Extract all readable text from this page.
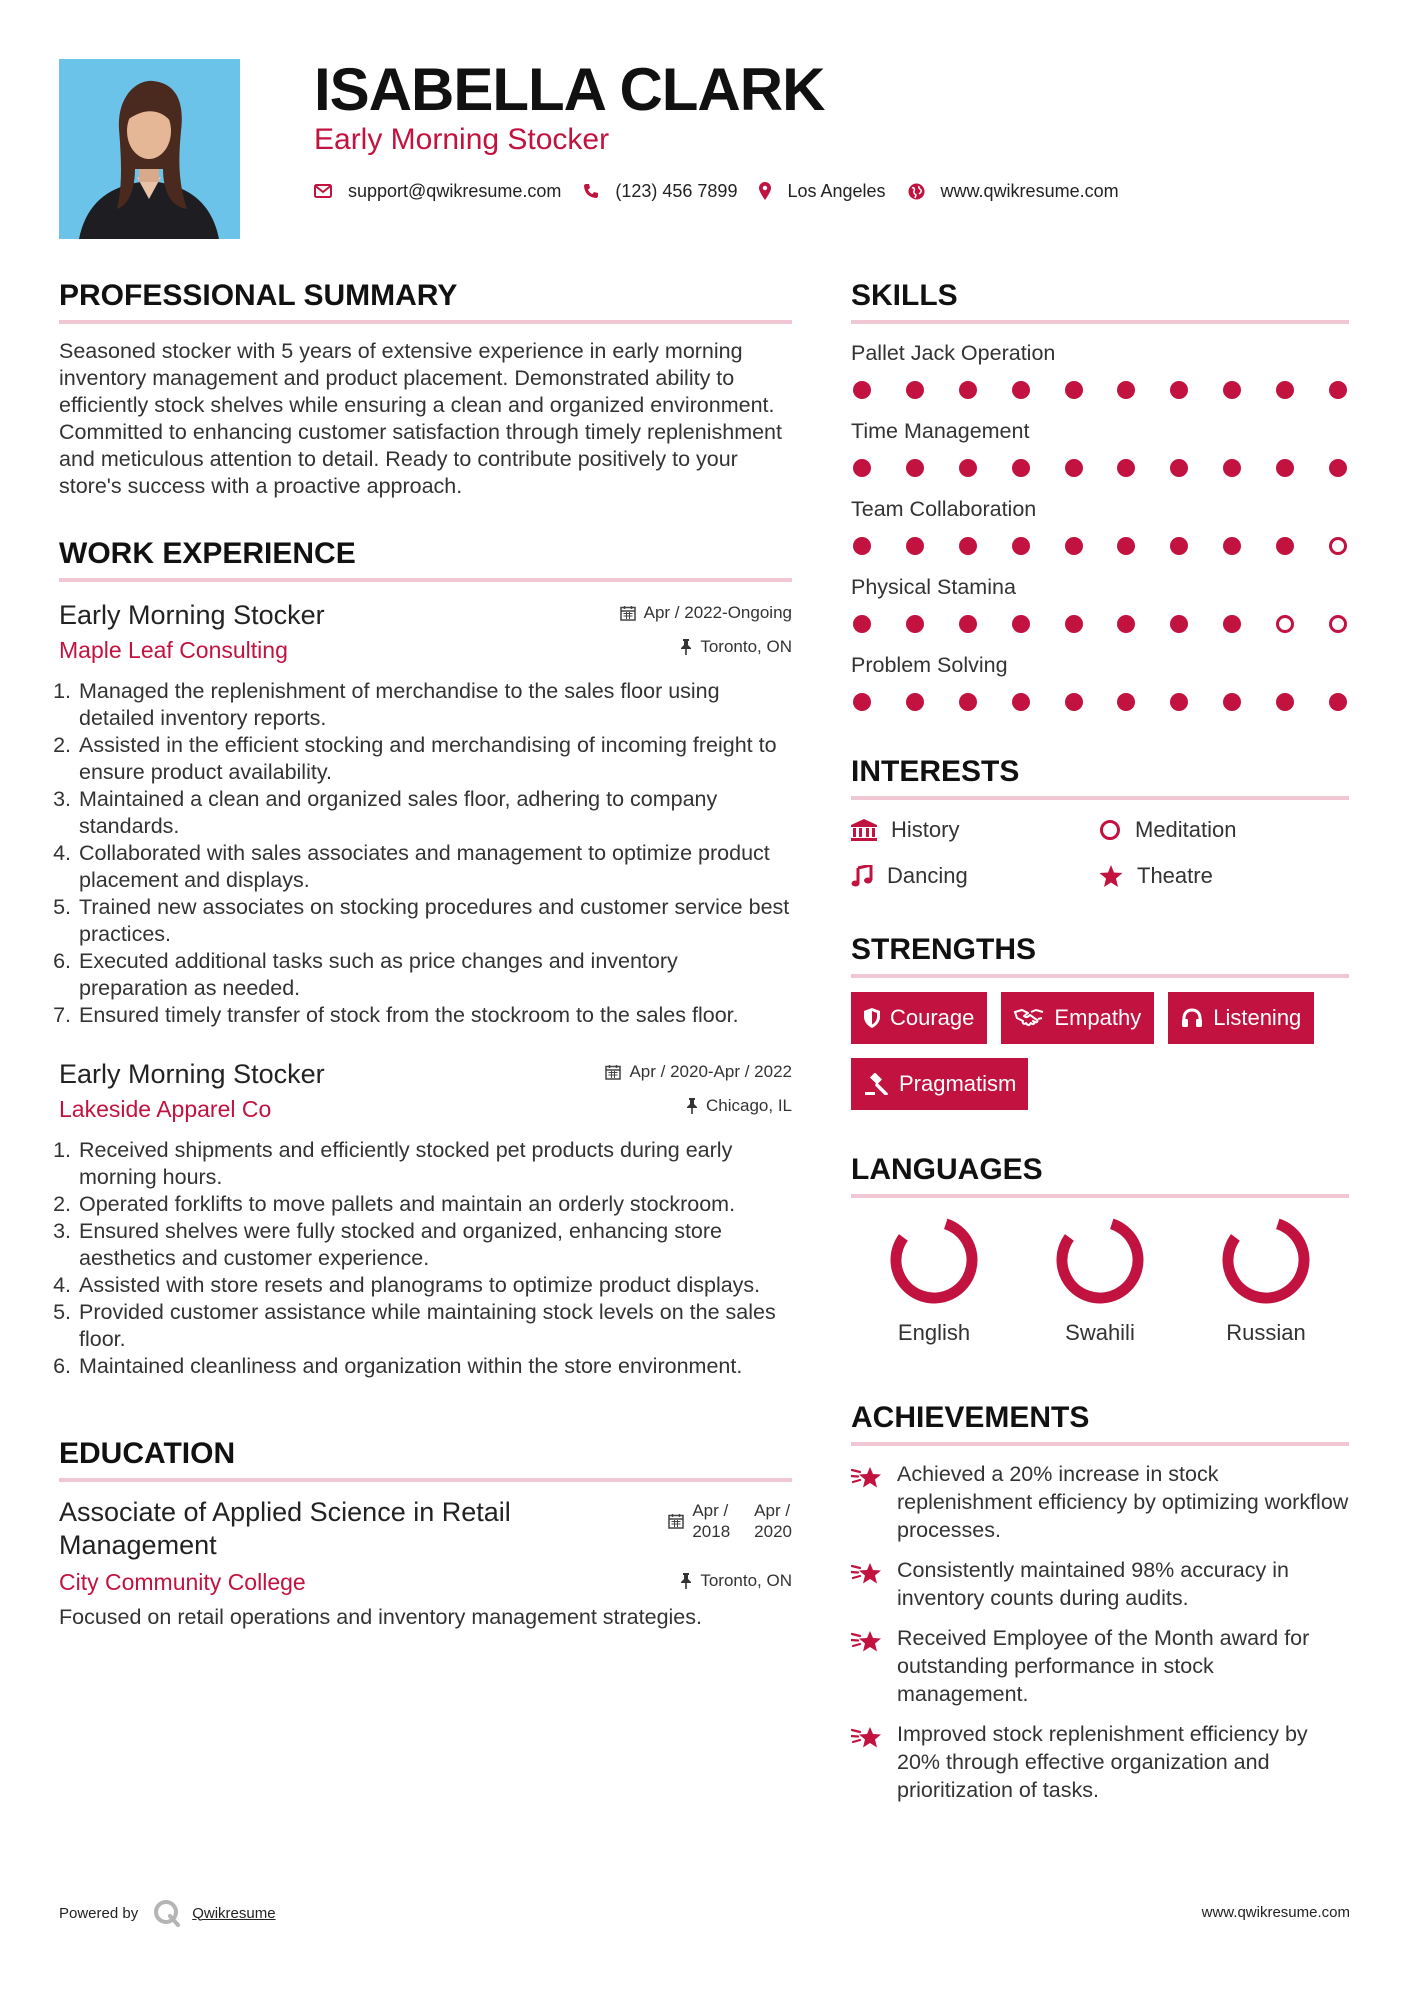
ISABELLA CLARK
Early Morning Stocker
support@qwikresume.com	(123) 456 7899	Los Angeles	www.qwikresume.com
PROFESSIONAL SUMMARY
Seasoned stocker with 5 years of extensive experience in early morning inventory management and product placement. Demonstrated ability to efficiently stock shelves while ensuring a clean and organized environment. Committed to enhancing customer satisfaction through timely replenishment and meticulous attention to detail. Ready to contribute positively to your store's success with a proactive approach.
WORK EXPERIENCE
Early Morning Stocker
Maple Leaf Consulting
Apr / 2022-Ongoing
Toronto, ON
1. Managed the replenishment of merchandise to the sales floor using detailed inventory reports.
2. Assisted in the efficient stocking and merchandising of incoming freight to ensure product availability.
3. Maintained a clean and organized sales floor, adhering to company standards.
4. Collaborated with sales associates and management to optimize product placement and displays.
5. Trained new associates on stocking procedures and customer service best practices.
6. Executed additional tasks such as price changes and inventory preparation as needed.
7. Ensured timely transfer of stock from the stockroom to the sales floor.
Early Morning Stocker
Lakeside Apparel Co
Apr / 2020-Apr / 2022
Chicago, IL
1. Received shipments and efficiently stocked pet products during early morning hours.
2. Operated forklifts to move pallets and maintain an orderly stockroom.
3. Ensured shelves were fully stocked and organized, enhancing store aesthetics and customer experience.
4. Assisted with store resets and planograms to optimize product displays.
5. Provided customer assistance while maintaining stock levels on the sales floor.
6. Maintained cleanliness and organization within the store environment.
EDUCATION
Associate of Applied Science in Retail Management
City Community College
Apr /
2018
Apr /
2020
Toronto, ON
Focused on retail operations and inventory management strategies.
SKILLS
Pallet Jack Operation
Time Management
Team Collaboration
Physical Stamina
Problem Solving
INTERESTS
History	Meditation
Dancing	Theatre
STRENGTHS
Courage	Empathy	Listening
Pragmatism
LANGUAGES
English	Swahili	Russian
ACHIEVEMENTS
Achieved a 20% increase in stock replenishment efficiency by optimizing workflow processes.
Consistently maintained 98% accuracy in inventory counts during audits.
Received Employee of the Month award for outstanding performance in stock management.
Improved stock replenishment efficiency by 20% through effective organization and prioritization of tasks.
Powered by	Qwikresume	www.qwikresume.com
